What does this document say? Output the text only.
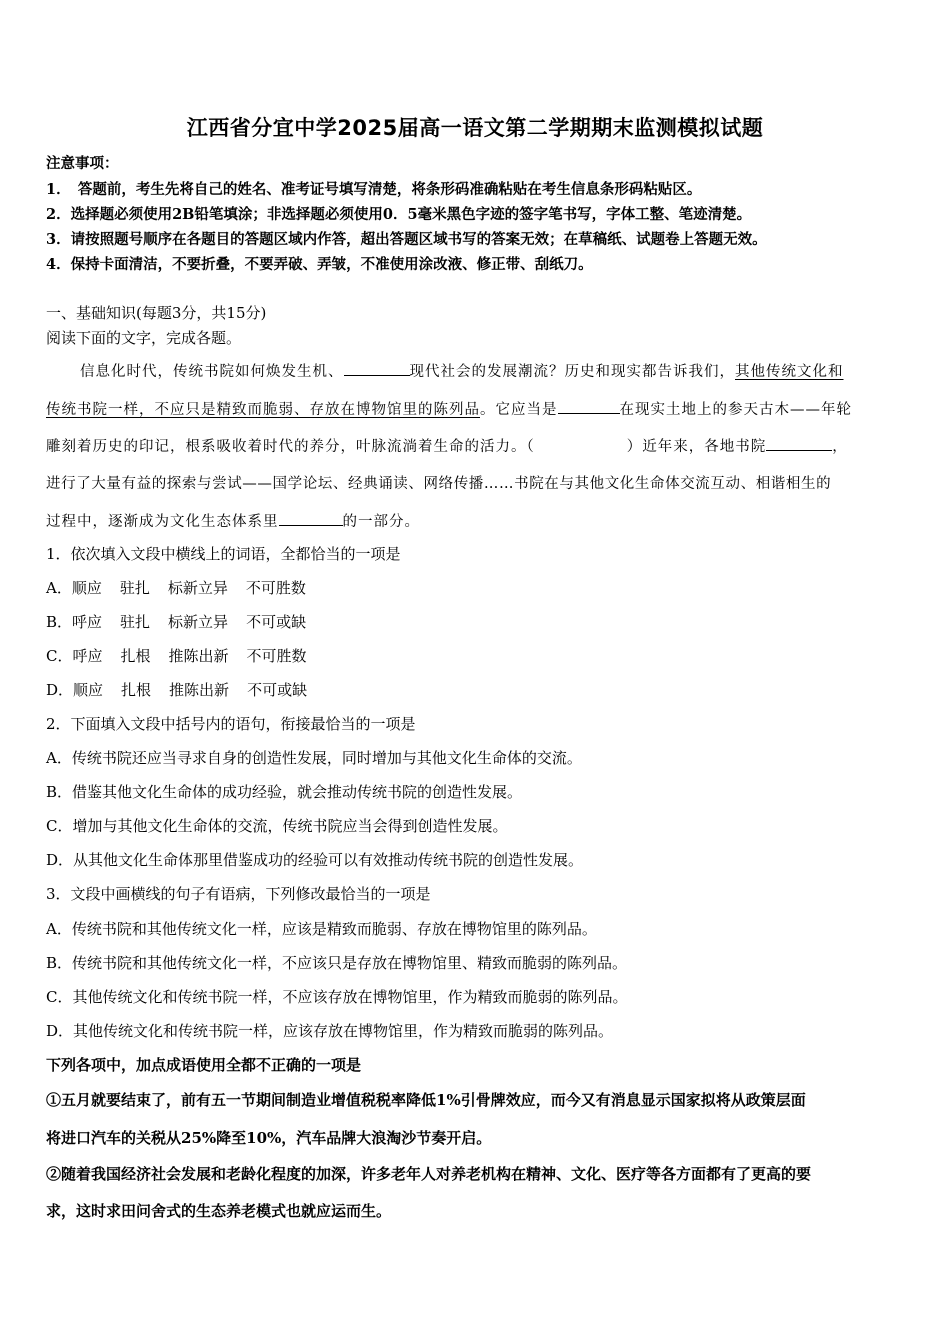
江西省分宜中学2025届高一语文第二学期期末监测模拟试题
注意事项：
1．　答题前，考生先将自己的姓名、准考证号填写清楚，将条形码准确粘贴在考生信息条形码粘贴区。
2．选择题必须使用2B铅笔填涂；非选择题必须使用0．5毫米黑色字迹的签字笔书写，字体工整、笔迹清楚。
3．请按照题号顺序在各题目的答题区域内作答，超出答题区域书写的答案无效；在草稿纸、试题卷上答题无效。
4．保持卡面清洁，不要折叠，不要弄破、弄皱，不准使用涂改液、修正带、刮纸刀。
一、基础知识(每题3分，共15分)
阅读下面的文字，完成各题。
信息化时代，传统书院如何焕发生机、	现代社会的发展潮流？历史和现实都告诉我们，其他传统文化和
传统书院一样，不应只是精致而脆弱、存放在博物馆里的陈列品。它应当是	在现实土地上的参天古木——年轮
雕刻着历史的印记，根系吸收着时代的养分，叶脉流淌着生命的活力。（	）近年来，各地书院	，
进行了大量有益的探索与尝试——国学论坛、经典诵读、网络传播……书院在与其他文化生命体交流互动、相谐相生的
过程中，逐渐成为文化生态体系里	的一部分。
1．依次填入文段中横线上的词语，全都恰当的一项是
A．顺应 驻扎 标新立异 不可胜数
B．呼应 驻扎 标新立异 不可或缺
C．呼应 扎根 推陈出新 不可胜数
D．顺应 扎根 推陈出新 不可或缺
2．下面填入文段中括号内的语句，衔接最恰当的一项是
A．传统书院还应当寻求自身的创造性发展，同时增加与其他文化生命体的交流。
B．借鉴其他文化生命体的成功经验，就会推动传统书院的创造性发展。
C．增加与其他文化生命体的交流，传统书院应当会得到创造性发展。
D．从其他文化生命体那里借鉴成功的经验可以有效推动传统书院的创造性发展。
3．文段中画横线的句子有语病，下列修改最恰当的一项是
A．传统书院和其他传统文化一样，应该是精致而脆弱、存放在博物馆里的陈列品。
B．传统书院和其他传统文化一样，不应该只是存放在博物馆里、精致而脆弱的陈列品。
C．其他传统文化和传统书院一样，不应该存放在博物馆里，作为精致而脆弱的陈列品。
D．其他传统文化和传统书院一样，应该存放在博物馆里，作为精致而脆弱的陈列品。
下列各项中，加点成语使用全都不正确的一项是
①五月就要结束了，前有五一节期间制造业增值税税率降低1%引骨牌效应，而今又有消息显示国家拟将从政策层面
将进口汽车的关税从25%降至10%，汽车品牌大浪淘沙节奏开启。
②随着我国经济社会发展和老龄化程度的加深，许多老年人对养老机构在精神、文化、医疗等各方面都有了更高的要
求，这时求田问舍式的生态养老模式也就应运而生。
